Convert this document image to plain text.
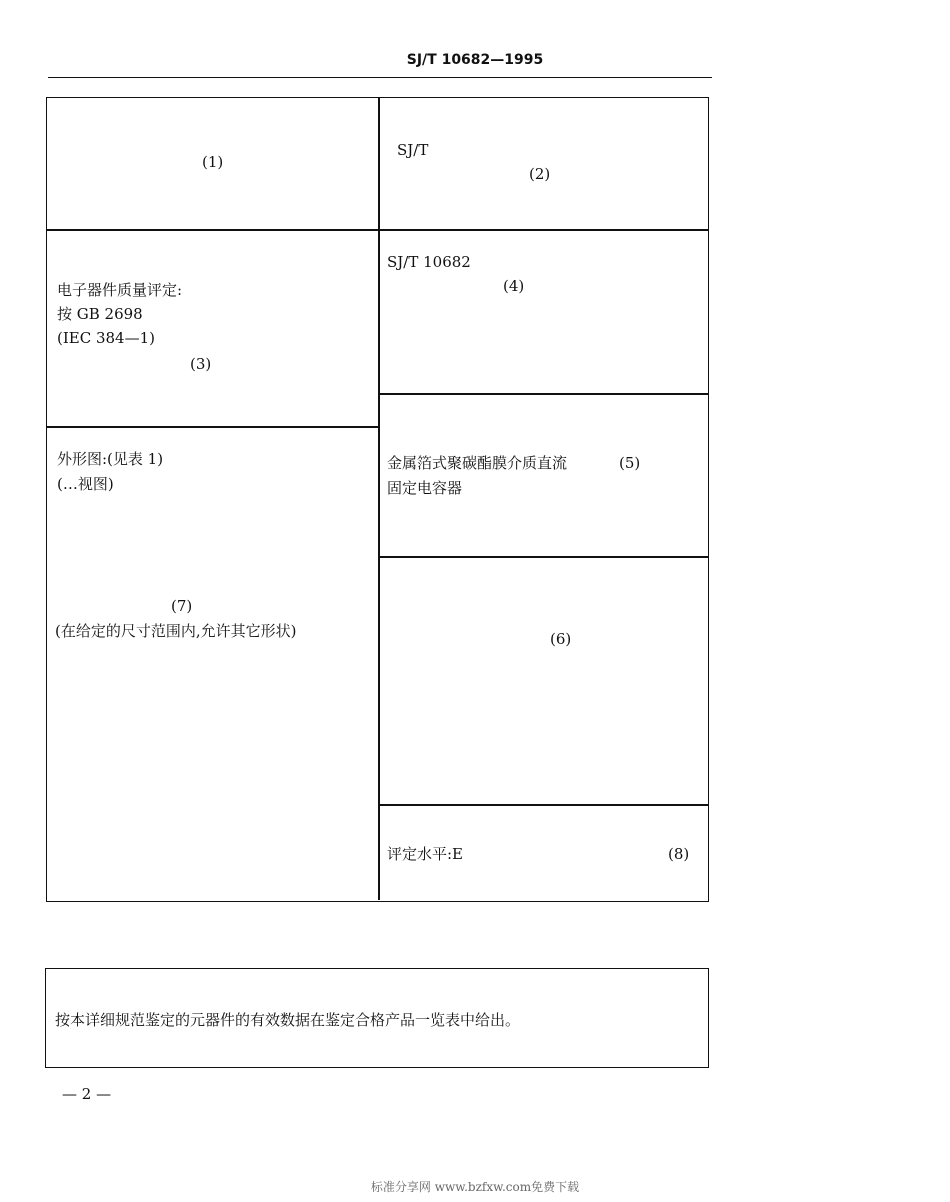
SJ/T 10682—1995
(1)
SJ/T
(2)
电子器件质量评定:
按 GB 2698
(IEC 384—1)
(3)
SJ/T 10682
(4)
金属箔式聚碳酯膜介质直流
固定电容器
(5)
(6)
外形图:(见表 1)
(…视图)
(7)
(在给定的尺寸范围内,允许其它形状)
评定水平:E	(8)
按本详细规范鉴定的元器件的有效数据在鉴定合格产品一览表中给出。
— 2 —
标准分享网 www.bzfxw.com免费下载
